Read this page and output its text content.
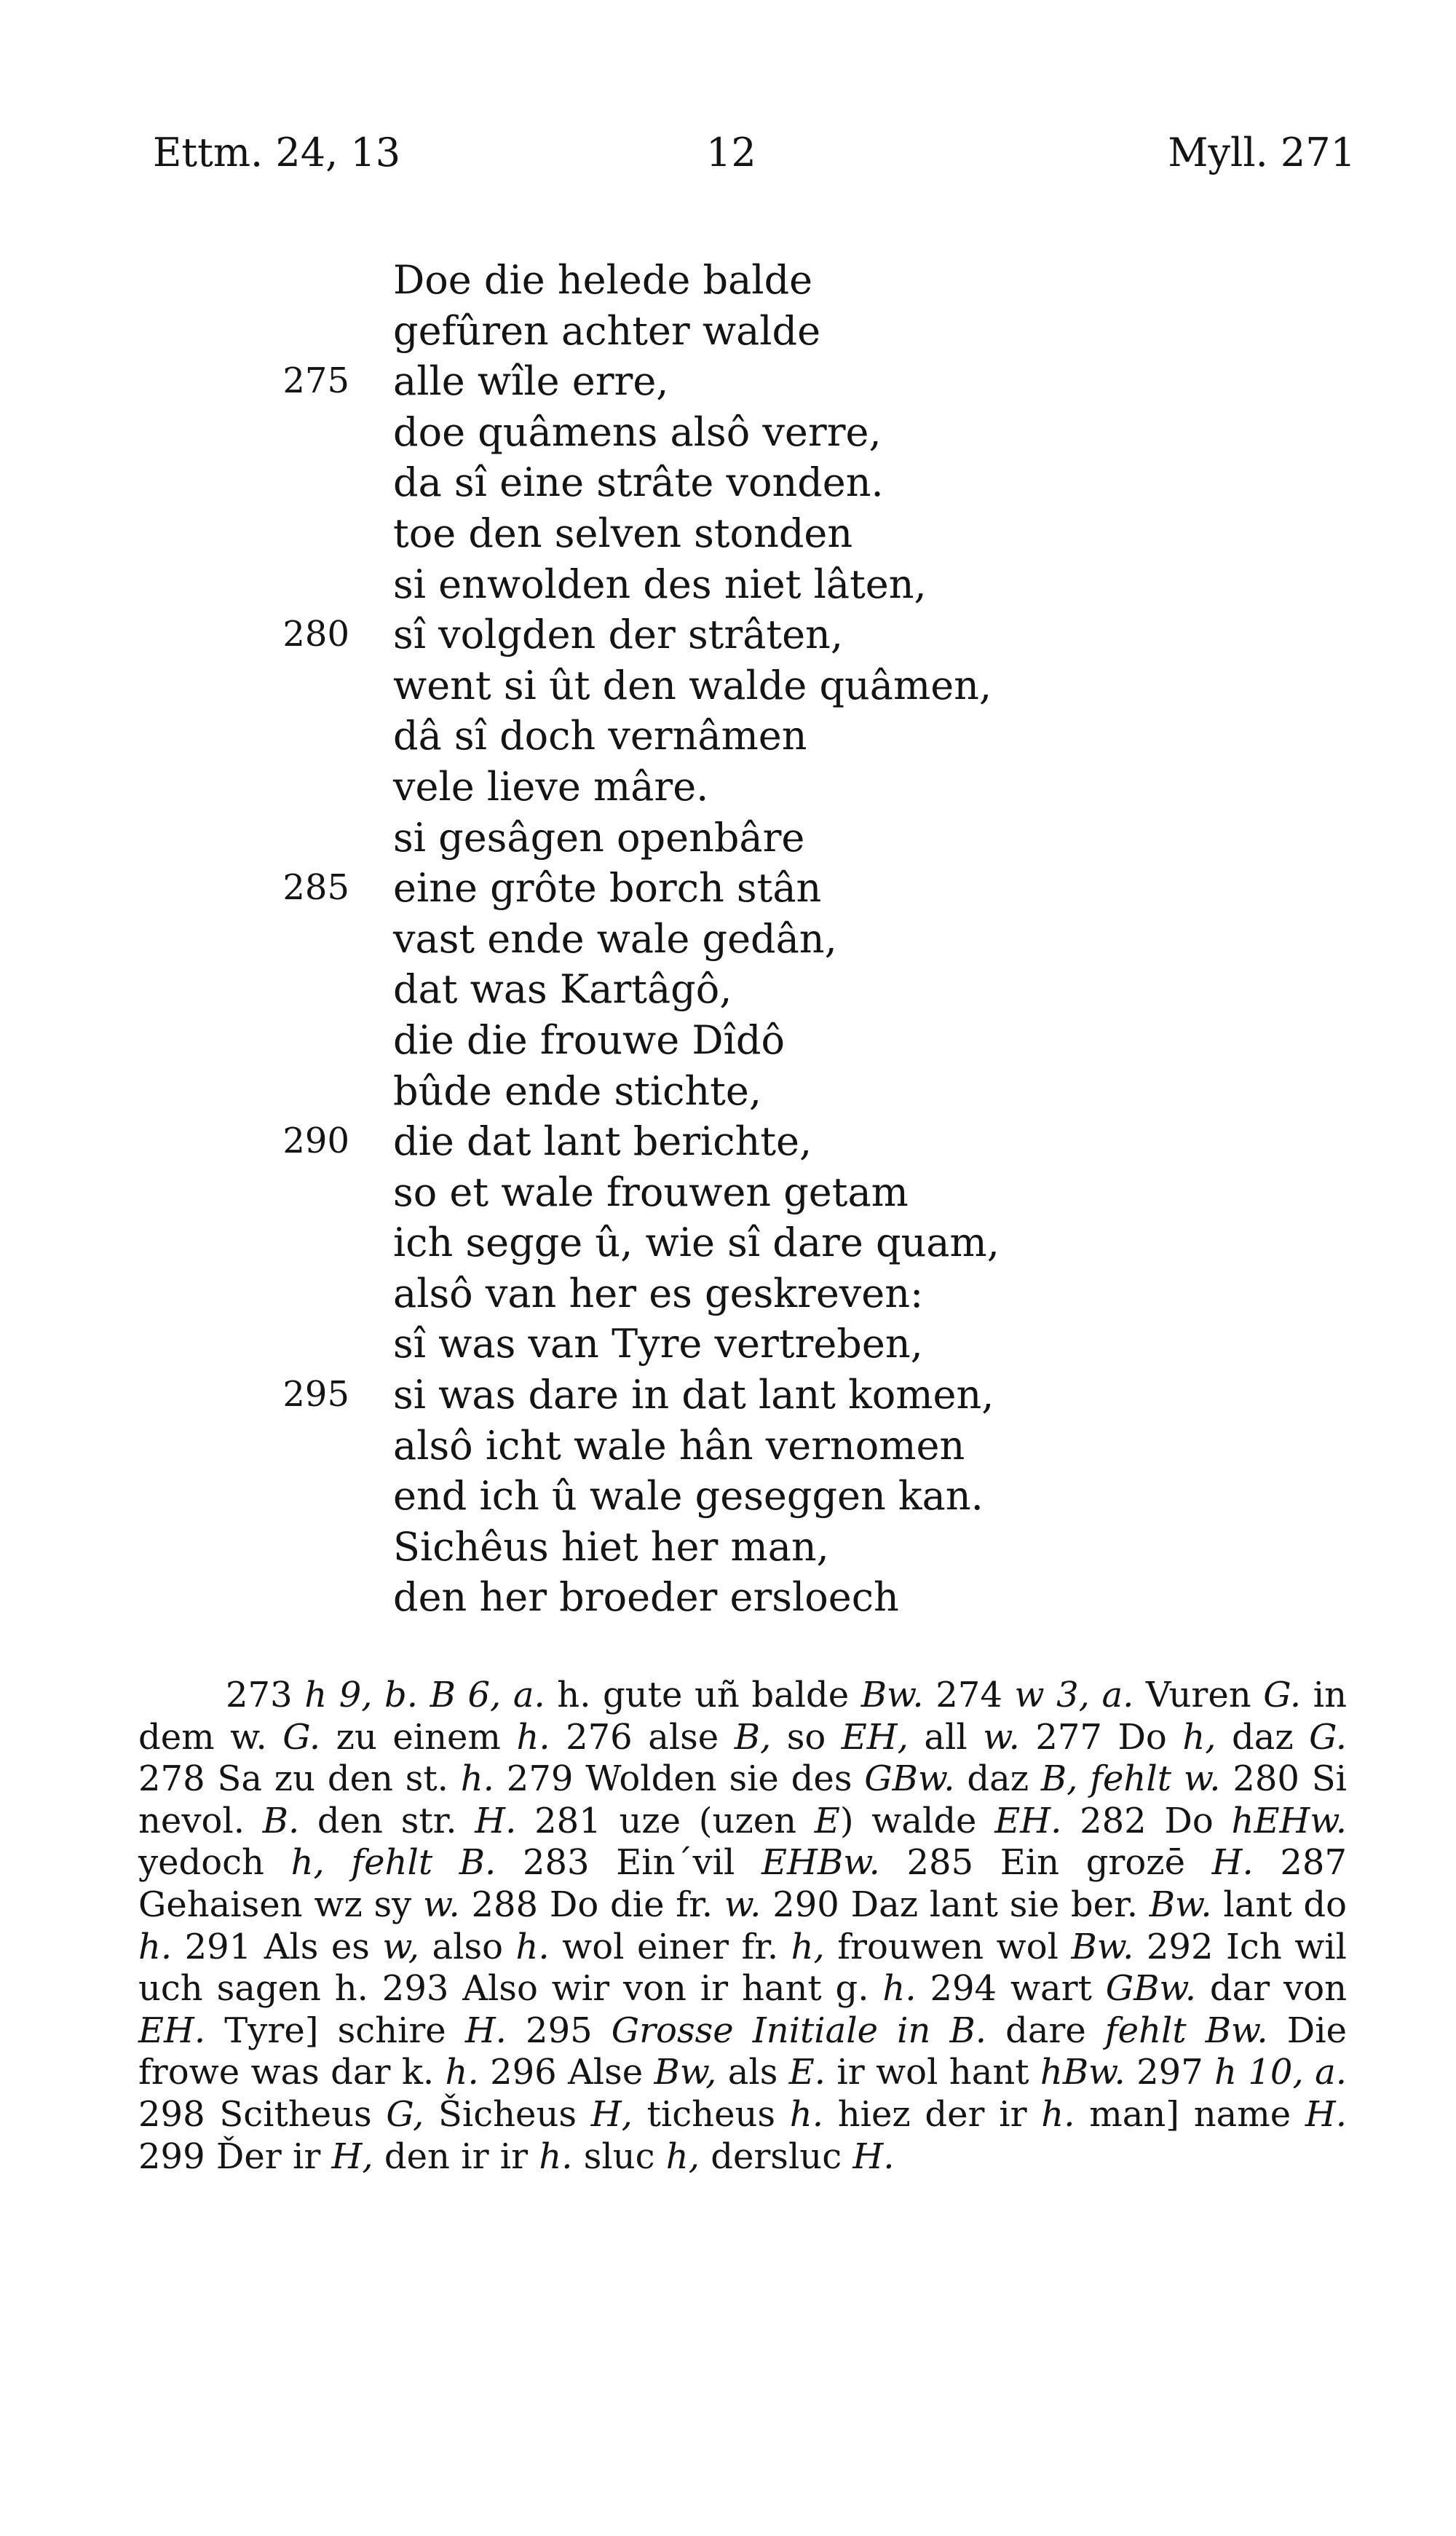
Ettm. 24, 13	12	Myll. 271
Doe die helede balde
gefûren achter walde
275 alle wîle erre,
doe quâmens alsô verre,
da sî eine strâte vonden.
toe den selven stonden
si enwolden des niet lâten,
280 sî volgden der strâten,
went si ût den walde quâmen,
dâ sî doch vernâmen
vele lieve mâre.
si gesâgen openbâre
285 eine grôte borch stân
vast ende wale gedân,
dat was Kartâgô,
die die frouwe Dîdô
bûde ende stichte,
290 die dat lant berichte,
so et wale frouwen getam
ich segge û, wie sî dare quam,
alsô van her es geskreven:
sî was van Tyre vertreben,
295 si was dare in dat lant komen,
alsô icht wale hân vernomen
end ich û wale geseggen kan.
Sichêus hiet her man,
den her broeder ersloech
273 h 9, b. B 6, a. h. gute uñ balde Bw. 274 w 3, a. Vuren G. in dem w. G. zu einem h. 276 alse B, so EH, all w. 277 Do h, daz G. 278 Sa zu den st. h. 279 Wolden sie des GBw. daz B, fehlt w. 280 Si nevol. B. den str. H. 281 uze (uzen E) walde EH. 282 Do hEHw. yedoch h, fehlt B. 283 Ein´vil EHBw. 285 Ein grozē H. 287 Gehaisen wz sy w. 288 Do die fr. w. 290 Daz lant sie ber. Bw. lant do h. 291 Als es w, also h. wol einer fr. h, frouwen wol Bw. 292 Ich wil uch sagen h. 293 Also wir von ir hant g. h. 294 wart GBw. dar von EH. Tyre] schire H. 295 Grosse Initiale in B. dare fehlt Bw. Die frowe was dar k. h. 296 Alse Bw, als E. ir wol hant hBw. 297 h 10, a. 298 Scitheus G, Šicheus H, ticheus h. hiez der ir h. man] name H. 299 Ďer ir H, den ir ir h. sluc h, dersluc H.
